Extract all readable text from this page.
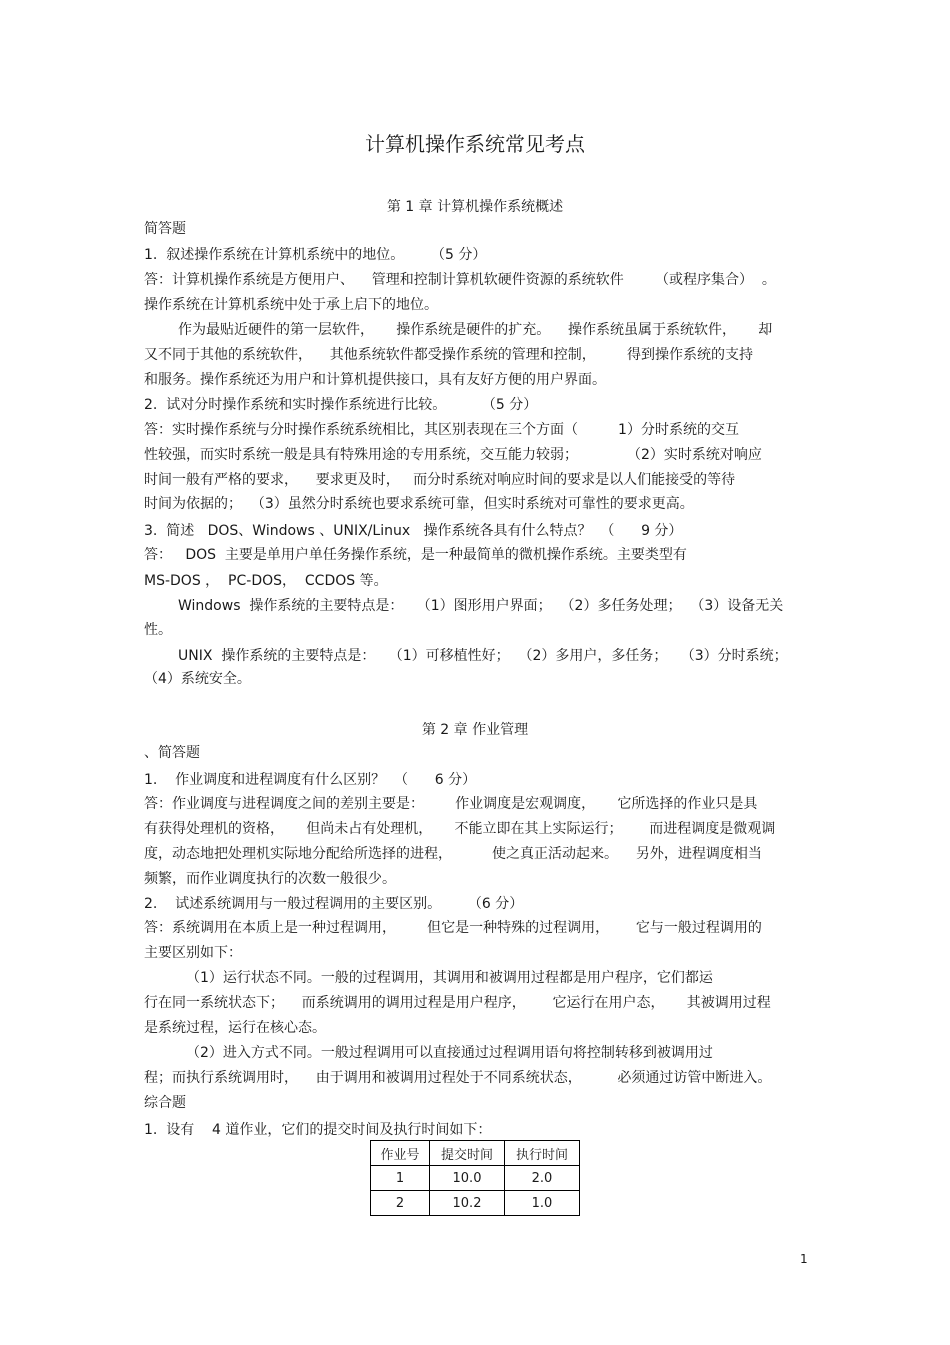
计算机操作系统常见考点
第 1 章 计算机操作系统概述

简答题

1.  叙述操作系统在计算机系统中的地位。      （5 分）

答：计算机操作系统是方便用户、    管理和控制计算机软硬件资源的系统软件       （或程序集合）  。

操作系统在计算机系统中处于承上启下的地位。

作为最贴近硬件的第一层软件，     操作系统是硬件的扩充。    操作系统虽属于系统软件，     却

又不同于其他的系统软件，    其他系统软件都受操作系统的管理和控制，       得到操作系统的支持

和服务。操作系统还为用户和计算机提供接口，具有友好方便的用户界面。

2.  试对分时操作系统和实时操作系统进行比较。        （5 分）

答：实时操作系统与分时操作系统系统相比，其区别表现在三个方面（         1）分时系统的交互

性较强，而实时系统一般是具有特殊用途的专用系统，交互能力较弱；           （2）实时系统对响应

时间一般有严格的要求，    要求更及时，   而分时系统对响应时间的要求是以人们能接受的等待

时间为依据的；  （3）虽然分时系统也要求系统可靠，但实时系统对可靠性的要求更高。

3.  简述   DOS、Windows 、UNIX/Linux   操作系统各具有什么特点？  （      9 分）

答：   DOS  主要是单用户单任务操作系统，是一种最简单的微机操作系统。主要类型有

MS-DOS ，  PC-DOS，  CCDOS 等。

Windows  操作系统的主要特点是：   （1）图形用户界面；  （2）多任务处理；  （3）设备无关

性。

UNIX  操作系统的主要特点是：   （1）可移植性好；  （2）多用户，多任务；   （3）分时系统；

（4）系统安全。

第 2 章 作业管理

、简答题

1.    作业调度和进程调度有什么区别？  （      6 分）

答：作业调度与进程调度之间的差别主要是：       作业调度是宏观调度，     它所选择的作业只是具

有获得处理机的资格，     但尚未占有处理机，     不能立即在其上实际运行；      而进程调度是微观调

度，动态地把处理机实际地分配给所选择的进程，         使之真正活动起来。    另外，进程调度相当

频繁，而作业调度执行的次数一般很少。

2.    试述系统调用与一般过程调用的主要区别。      （6 分）

答：系统调用在本质上是一种过程调用，       但它是一种特殊的过程调用，      它与一般过程调用的

主要区别如下：

（1）运行状态不同。一般的过程调用，其调用和被调用过程都是用户程序，它们都运

行在同一系统状态下；    而系统调用的调用过程是用户程序，      它运行在用户态，     其被调用过程

是系统过程，运行在核心态。

（2）进入方式不同。一般过程调用可以直接通过过程调用语句将控制转移到被调用过

程；而执行系统调用时，    由于调用和被调用过程处于不同系统状态，        必须通过访管中断进入。

综合题

1.  设有    4 道作业，它们的提交时间及执行时间如下：

作业号	提交时间	执行时间
1	10.0	2.0
2	10.2	1.0
1
